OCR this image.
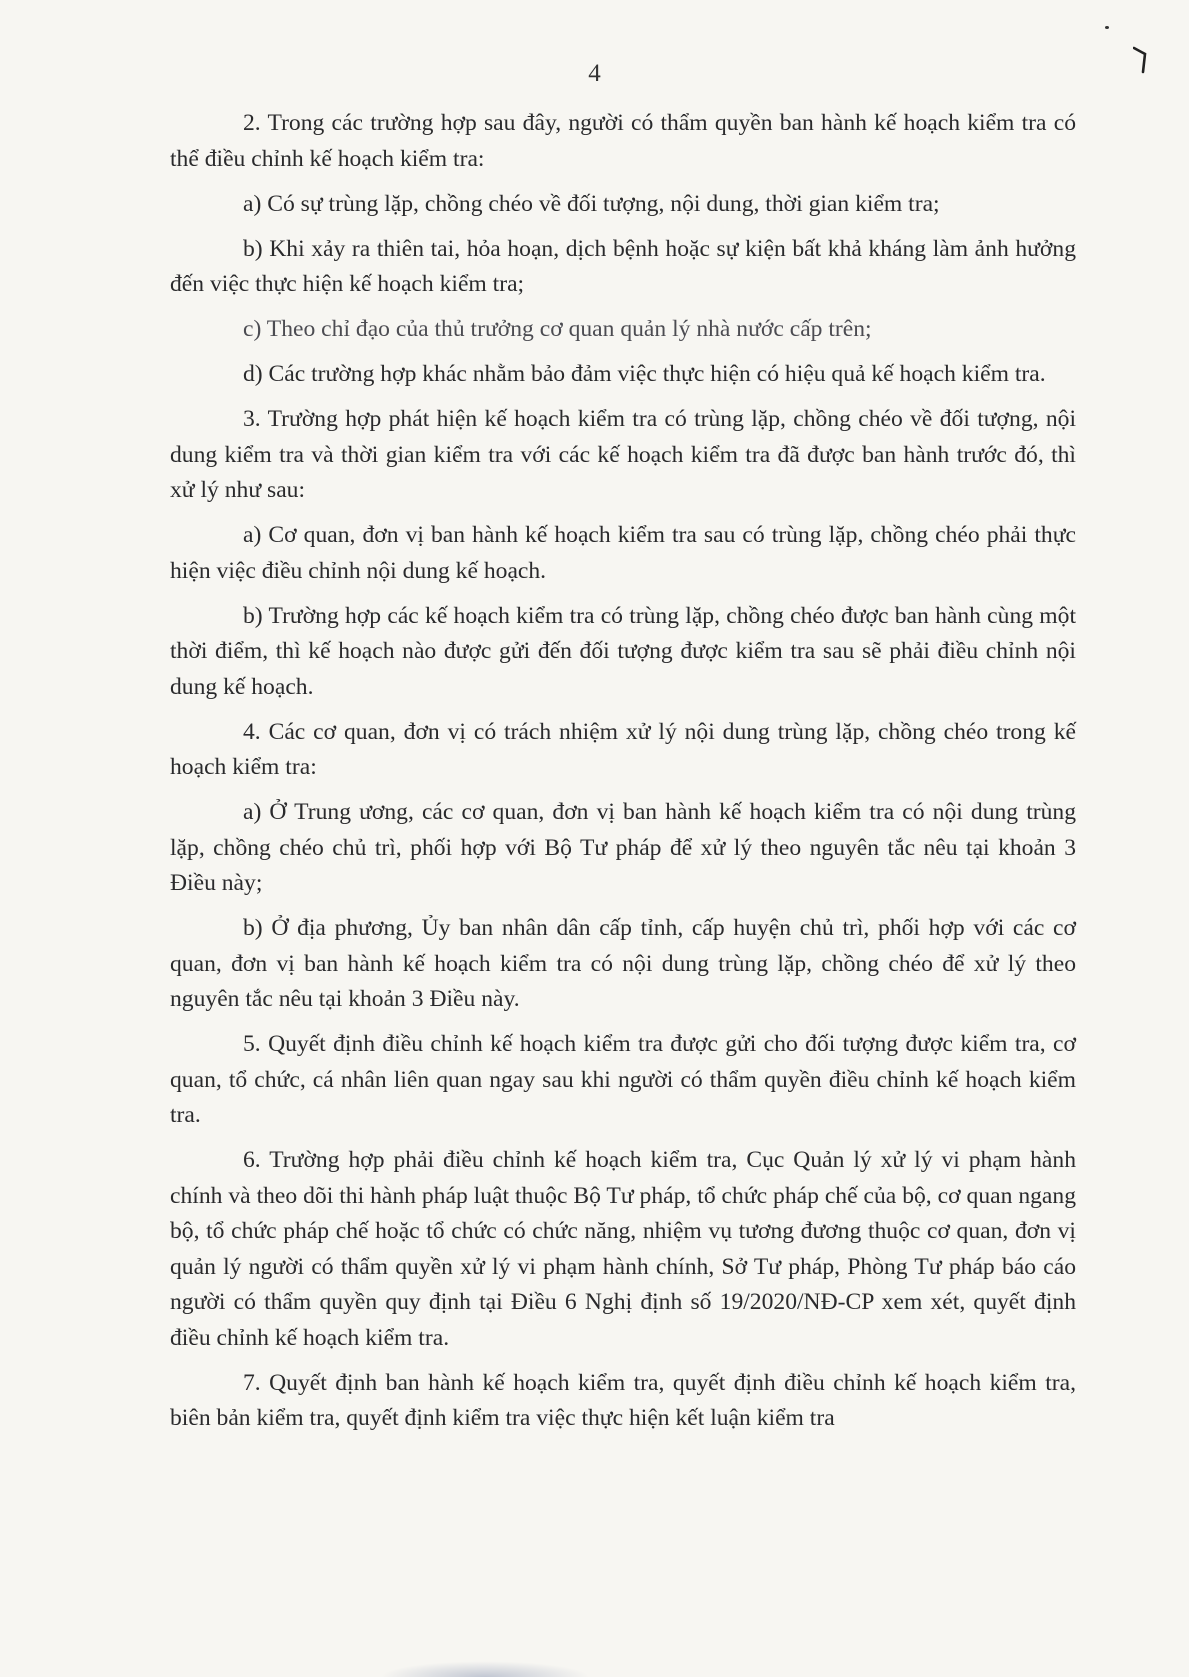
4

2. Trong các trường hợp sau đây, người có thẩm quyền ban hành kế hoạch kiểm tra có thể điều chỉnh kế hoạch kiểm tra:

a) Có sự trùng lặp, chồng chéo về đối tượng, nội dung, thời gian kiểm tra;

b) Khi xảy ra thiên tai, hỏa hoạn, dịch bệnh hoặc sự kiện bất khả kháng làm ảnh hưởng đến việc thực hiện kế hoạch kiểm tra;

c) Theo chỉ đạo của thủ trưởng cơ quan quản lý nhà nước cấp trên;

d) Các trường hợp khác nhằm bảo đảm việc thực hiện có hiệu quả kế hoạch kiểm tra.

3. Trường hợp phát hiện kế hoạch kiểm tra có trùng lặp, chồng chéo về đối tượng, nội dung kiểm tra và thời gian kiểm tra với các kế hoạch kiểm tra đã được ban hành trước đó, thì xử lý như sau:

a) Cơ quan, đơn vị ban hành kế hoạch kiểm tra sau có trùng lặp, chồng chéo phải thực hiện việc điều chỉnh nội dung kế hoạch.

b) Trường hợp các kế hoạch kiểm tra có trùng lặp, chồng chéo được ban hành cùng một thời điểm, thì kế hoạch nào được gửi đến đối tượng được kiểm tra sau sẽ phải điều chỉnh nội dung kế hoạch.

4. Các cơ quan, đơn vị có trách nhiệm xử lý nội dung trùng lặp, chồng chéo trong kế hoạch kiểm tra:

a) Ở Trung ương, các cơ quan, đơn vị ban hành kế hoạch kiểm tra có nội dung trùng lặp, chồng chéo chủ trì, phối hợp với Bộ Tư pháp để xử lý theo nguyên tắc nêu tại khoản 3 Điều này;

b) Ở địa phương, Ủy ban nhân dân cấp tỉnh, cấp huyện chủ trì, phối hợp với các cơ quan, đơn vị ban hành kế hoạch kiểm tra có nội dung trùng lặp, chồng chéo để xử lý theo nguyên tắc nêu tại khoản 3 Điều này.

5. Quyết định điều chỉnh kế hoạch kiểm tra được gửi cho đối tượng được kiểm tra, cơ quan, tổ chức, cá nhân liên quan ngay sau khi người có thẩm quyền điều chỉnh kế hoạch kiểm tra.

6. Trường hợp phải điều chỉnh kế hoạch kiểm tra, Cục Quản lý xử lý vi phạm hành chính và theo dõi thi hành pháp luật thuộc Bộ Tư pháp, tổ chức pháp chế của bộ, cơ quan ngang bộ, tổ chức pháp chế hoặc tổ chức có chức năng, nhiệm vụ tương đương thuộc cơ quan, đơn vị quản lý người có thẩm quyền xử lý vi phạm hành chính, Sở Tư pháp, Phòng Tư pháp báo cáo người có thẩm quyền quy định tại Điều 6 Nghị định số 19/2020/NĐ-CP xem xét, quyết định điều chỉnh kế hoạch kiểm tra.

7. Quyết định ban hành kế hoạch kiểm tra, quyết định điều chỉnh kế hoạch kiểm tra, biên bản kiểm tra, quyết định kiểm tra việc thực hiện kết luận kiểm tra
